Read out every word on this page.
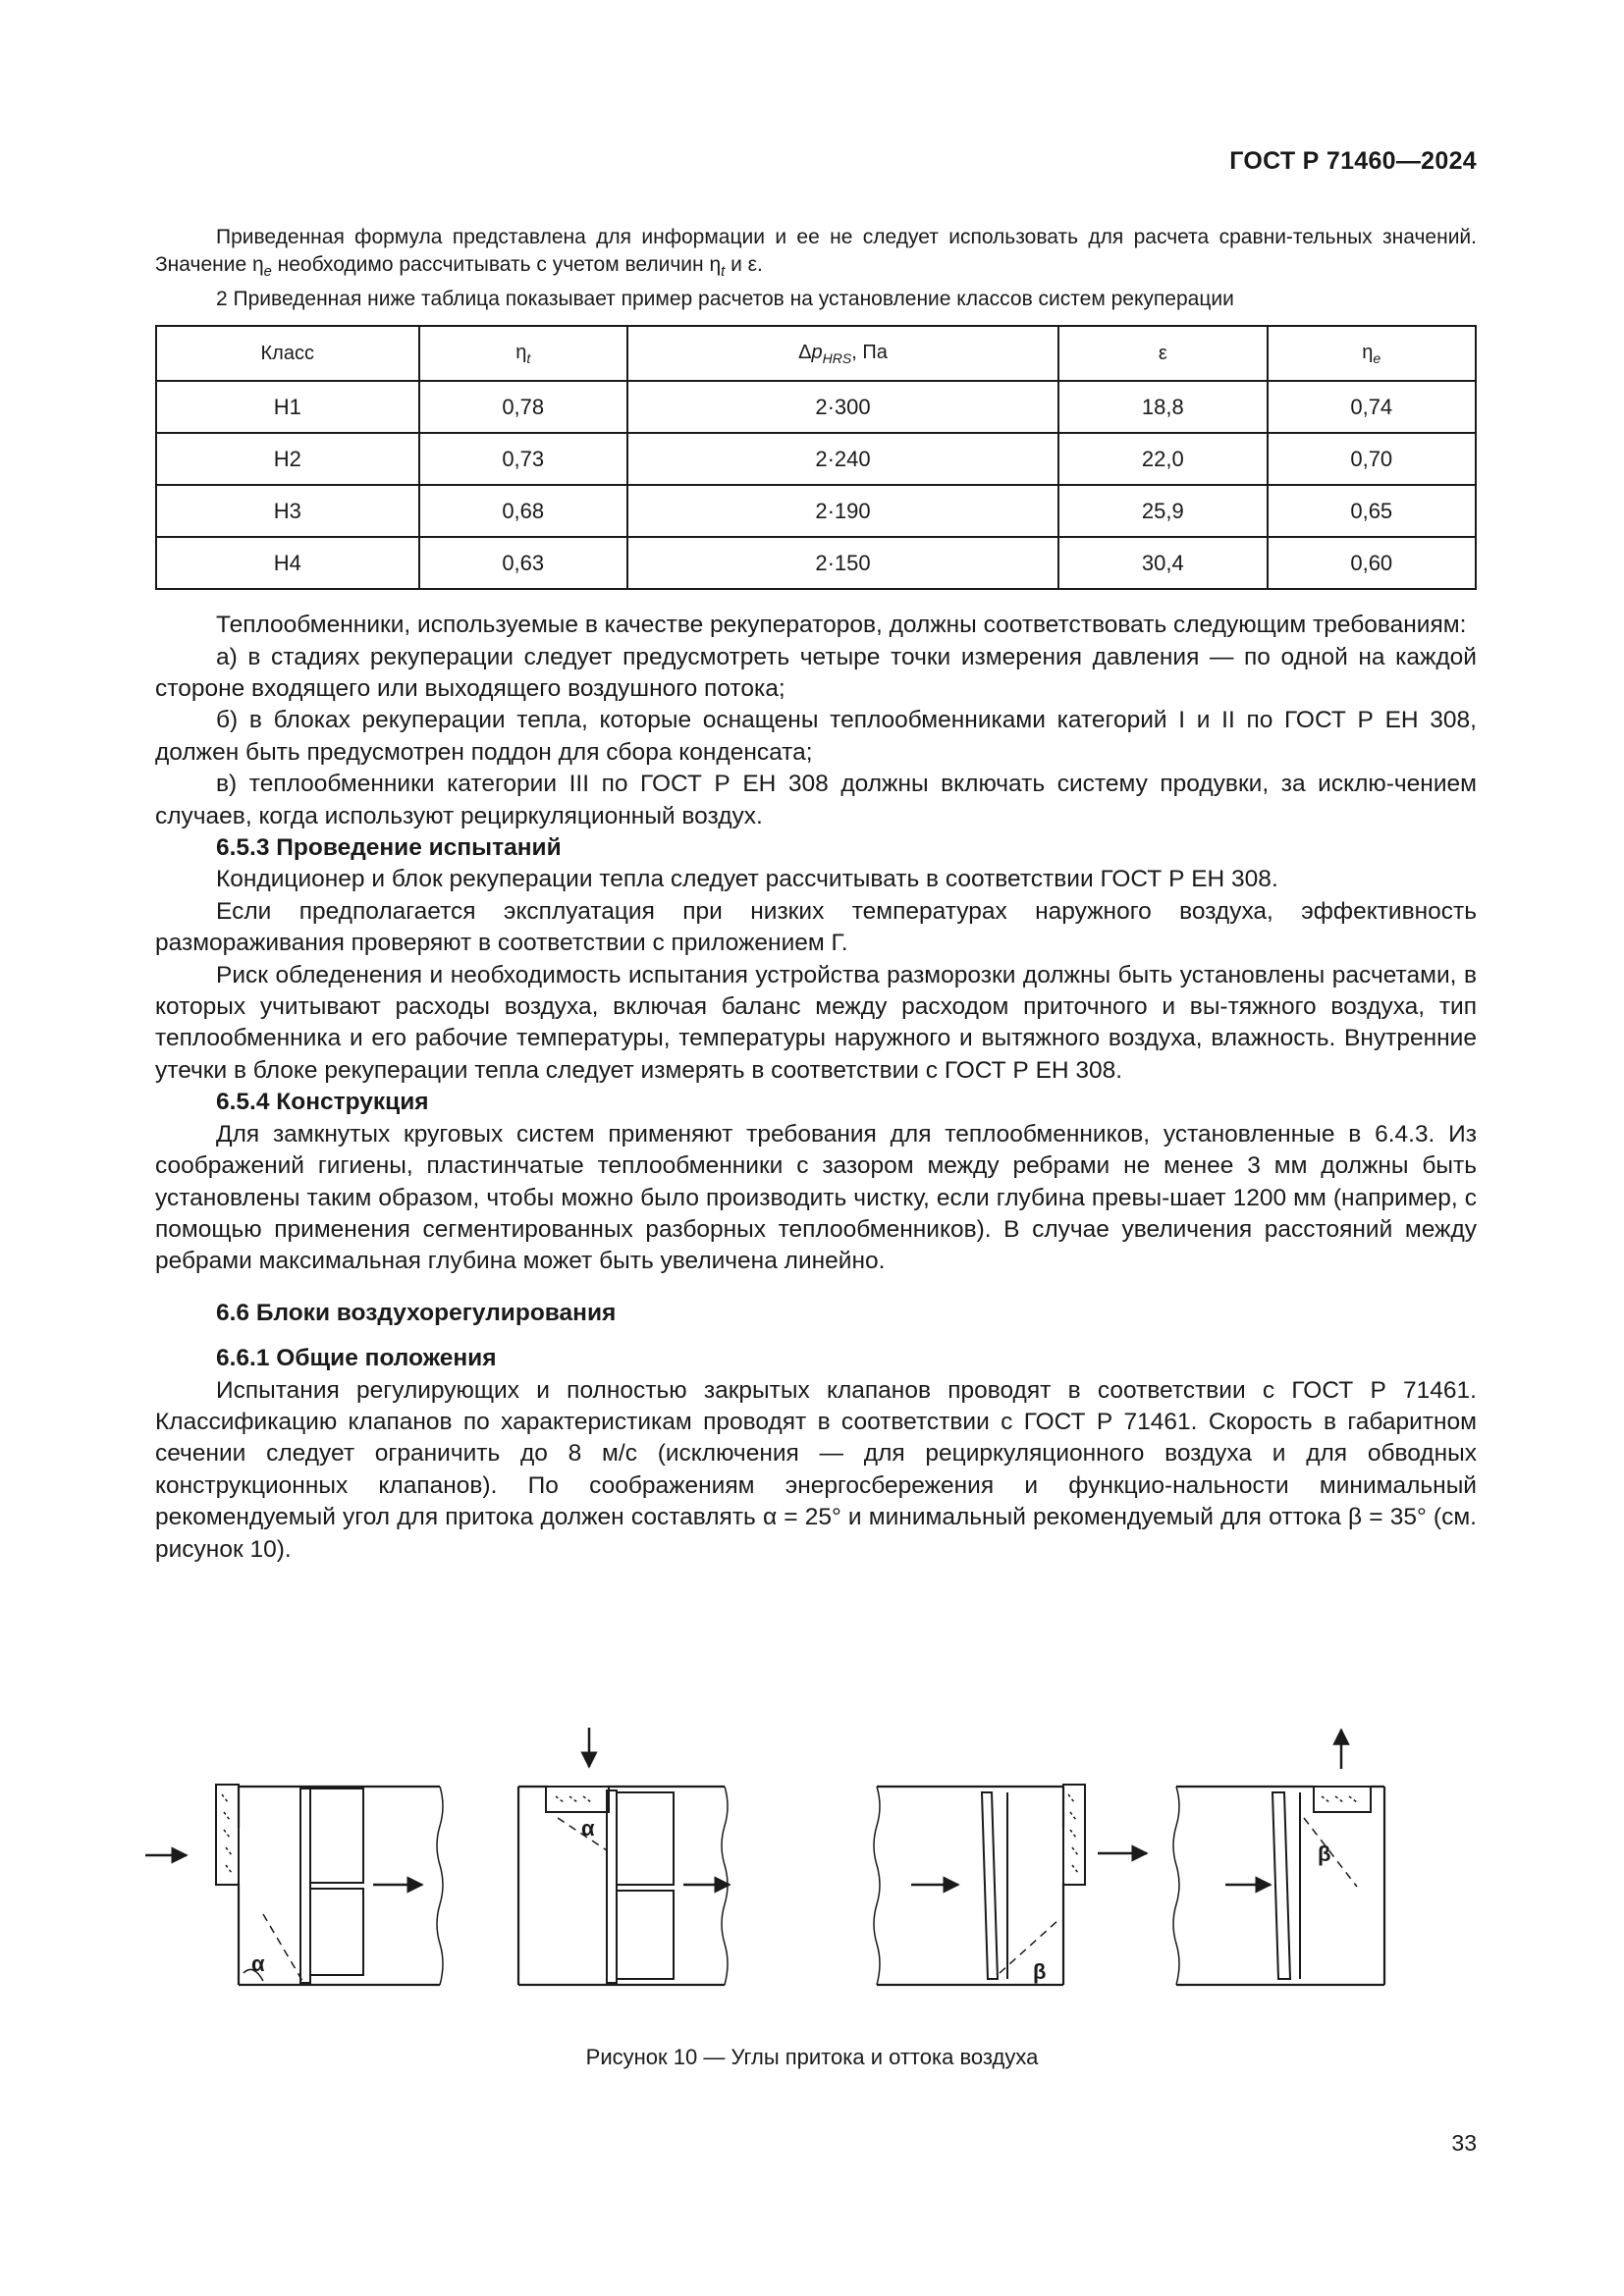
ГОСТ Р 71460—2024

Приведенная формула представлена для информации и ее не следует использовать для расчета сравни-тельных значений. Значение $\eta_e$ необходимо рассчитывать с учетом величин $\eta_t$ и ε.

2 Приведенная ниже таблица показывает пример расчетов на установление классов систем рекуперации

Класс	$\eta_t$	$\Delta p_{HRS}$, Па	ε	$\eta_e$
H1	0,78	2·300	18,8	0,74
H2	0,73	2·240	22,0	0,70
H3	0,68	2·190	25,9	0,65
H4	0,63	2·150	30,4	0,60

Теплообменники, используемые в качестве рекуператоров, должны соответствовать следующим требованиям:

а) в стадиях рекуперации следует предусмотреть четыре точки измерения давления — по одной на каждой стороне входящего или выходящего воздушного потока;

б) в блоках рекуперации тепла, которые оснащены теплообменниками категорий I и II по ГОСТ Р ЕН 308, должен быть предусмотрен поддон для сбора конденсата;

в) теплообменники категории III по ГОСТ Р ЕН 308 должны включать систему продувки, за исклю-чением случаев, когда используют рециркуляционный воздух.

6.5.3 Проведение испытаний

Кондиционер и блок рекуперации тепла следует рассчитывать в соответствии ГОСТ Р ЕН 308.

Если предполагается эксплуатация при низких температурах наружного воздуха, эффективность размораживания проверяют в соответствии с приложением Г.

Риск обледенения и необходимость испытания устройства разморозки должны быть установлены расчетами, в которых учитывают расходы воздуха, включая баланс между расходом приточного и вы-тяжного воздуха, тип теплообменника и его рабочие температуры, температуры наружного и вытяжного воздуха, влажность. Внутренние утечки в блоке рекуперации тепла следует измерять в соответствии с ГОСТ Р ЕН 308.

6.5.4 Конструкция

Для замкнутых круговых систем применяют требования для теплообменников, установленные в 6.4.3. Из соображений гигиены, пластинчатые теплообменники с зазором между ребрами не менее 3 мм должны быть установлены таким образом, чтобы можно было производить чистку, если глубина превы-шает 1200 мм (например, с помощью применения сегментированных разборных теплообменников). В случае увеличения расстояний между ребрами максимальная глубина может быть увеличена линейно.

6.6 Блоки воздухорегулирования
6.6.1 Общие положения

Испытания регулирующих и полностью закрытых клапанов проводят в соответствии с ГОСТ Р 71461. Классификацию клапанов по характеристикам проводят в соответствии с ГОСТ Р 71461. Скорость в габаритном сечении следует ограничить до 8 м/с (исключения — для рециркуляционного воздуха и для обводных конструкционных клапанов). По соображениям энергосбережения и функцио-нальности минимальный рекомендуемый угол для притока должен составлять α = 25° и минимальный рекомендуемый для оттока β = 35° (см. рисунок 10).

α
α
β
β
Рисунок 10 — Углы притока и оттока воздуха
33
